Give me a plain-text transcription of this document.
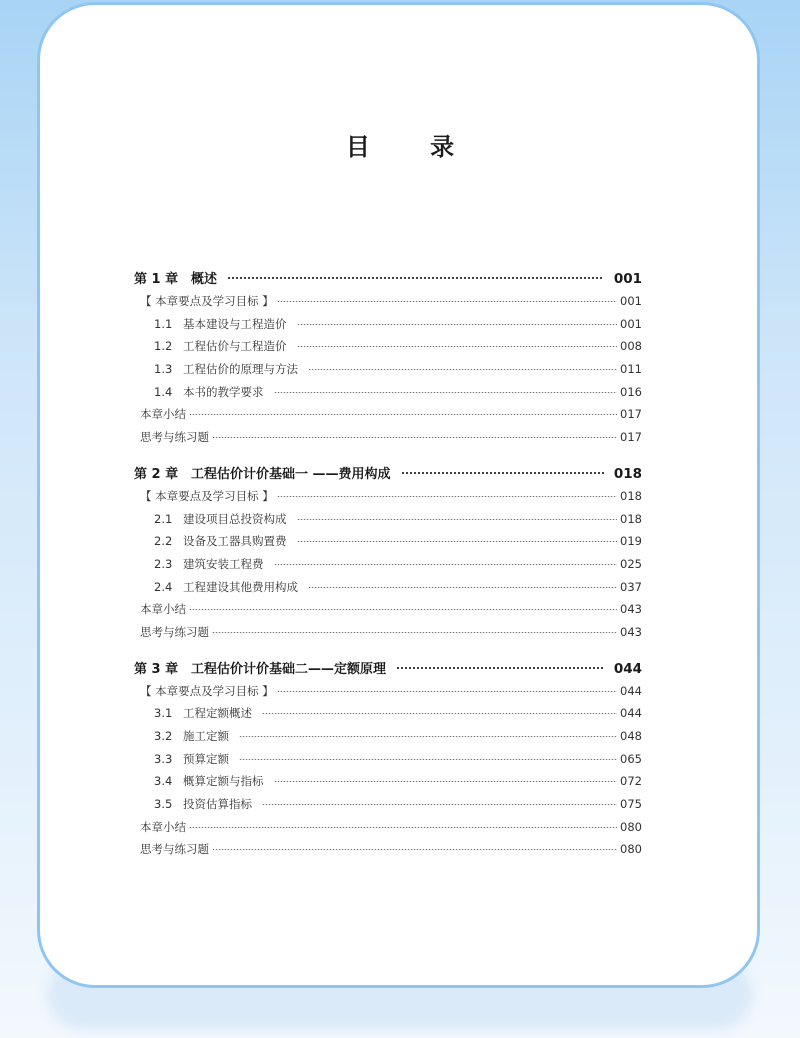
目 录
第 1 章 概述	001
【 本章要点及学习目标 】	001
1.1 基本建设与工程造价	001
1.2 工程估价与工程造价	008
1.3 工程估价的原理与方法	011
1.4 本书的教学要求	016
本章小结	017
思考与练习题	017
第 2 章 工程估价计价基础一 ——费用构成	018
【 本章要点及学习目标 】	018
2.1 建设项目总投资构成	018
2.2 设备及工器具购置费	019
2.3 建筑安装工程费	025
2.4 工程建设其他费用构成	037
本章小结	043
思考与练习题	043
第 3 章 工程估价计价基础二——定额原理	044
【 本章要点及学习目标 】	044
3.1 工程定额概述	044
3.2 施工定额	048
3.3 预算定额	065
3.4 概算定额与指标	072
3.5 投资估算指标	075
本章小结	080
思考与练习题	080
